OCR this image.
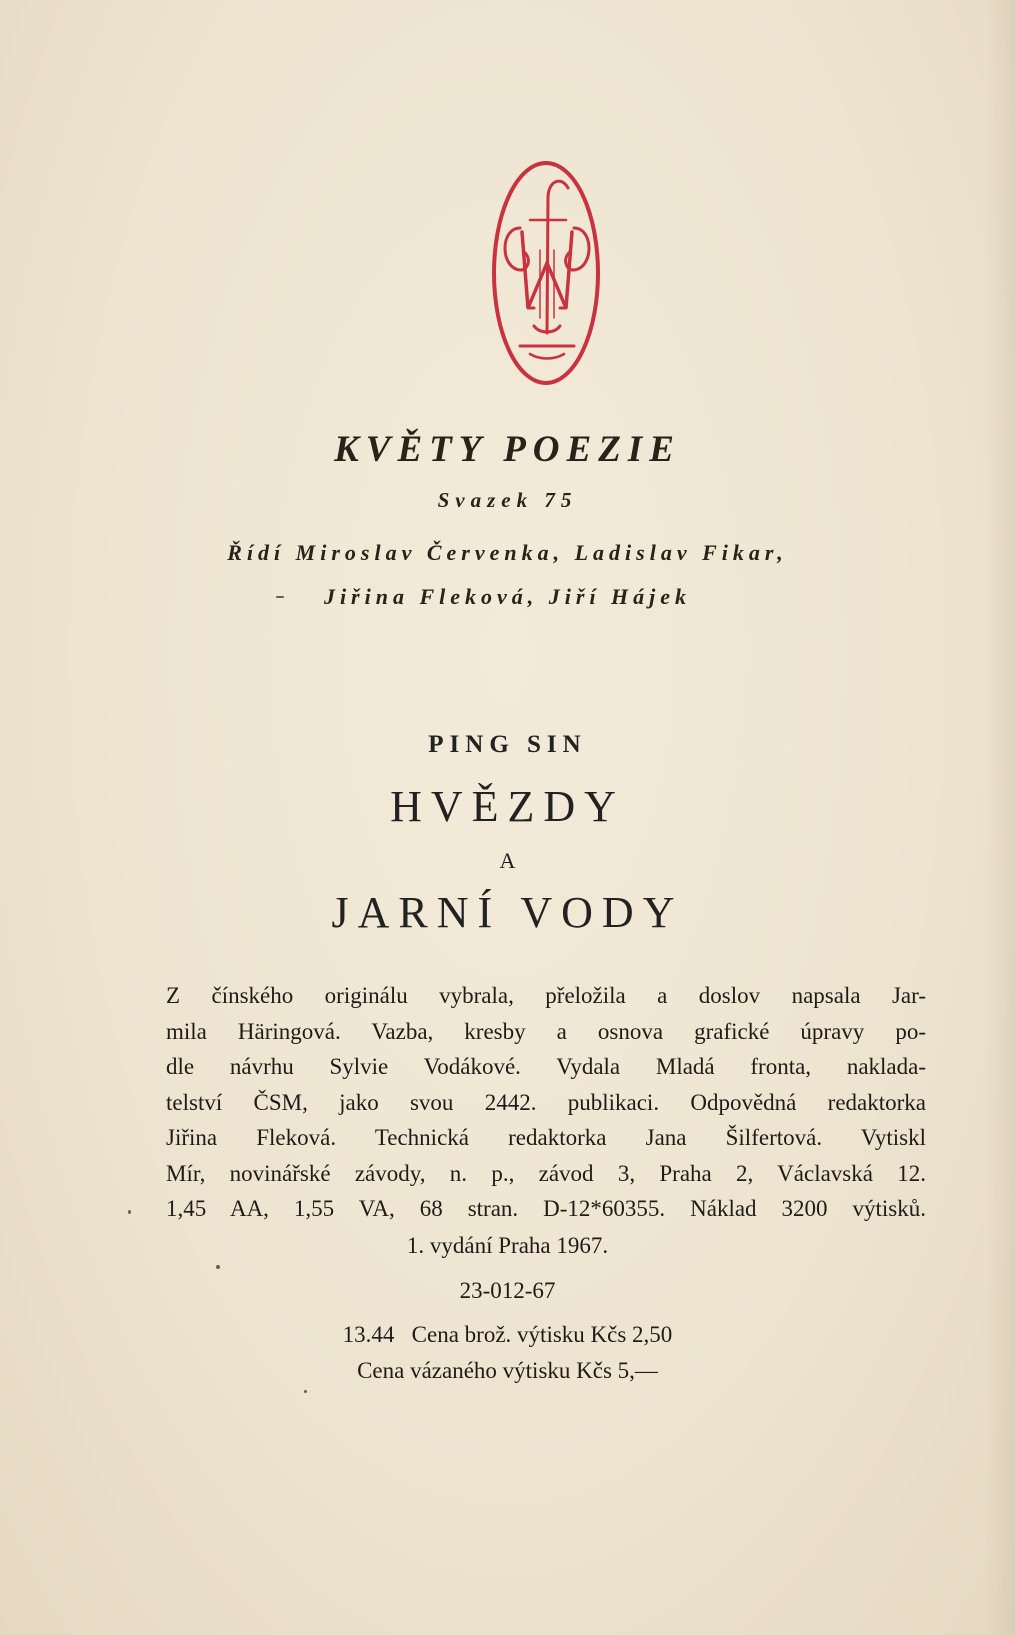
KVĚTY POEZIE
Svazek 75
Řídí Miroslav Červenka, Ladislav Fikar,
Jiřina Fleková, Jiří Hájek
PING SIN
HVĚZDY
A
JARNÍ VODY
Z čínského originálu vybrala, přeložila a doslov napsala Jar-
mila Häringová. Vazba, kresby a osnova grafické úpravy po-
dle návrhu Sylvie Vodákové. Vydala Mladá fronta, naklada-
telství ČSM, jako svou 2442. publikaci. Odpovědná redaktorka
Jiřina Fleková. Technická redaktorka Jana Šilfertová. Vytiskl
Mír, novinářské závody, n. p., závod 3, Praha 2, Václavská 12.
1,45 AA, 1,55 VA, 68 stran. D-12*60355. Náklad 3200 výtisků.
1. vydání Praha 1967.
23-012-67
13.44   Cena brož. výtisku Kčs 2,50
Cena vázaného výtisku Kčs 5,—
